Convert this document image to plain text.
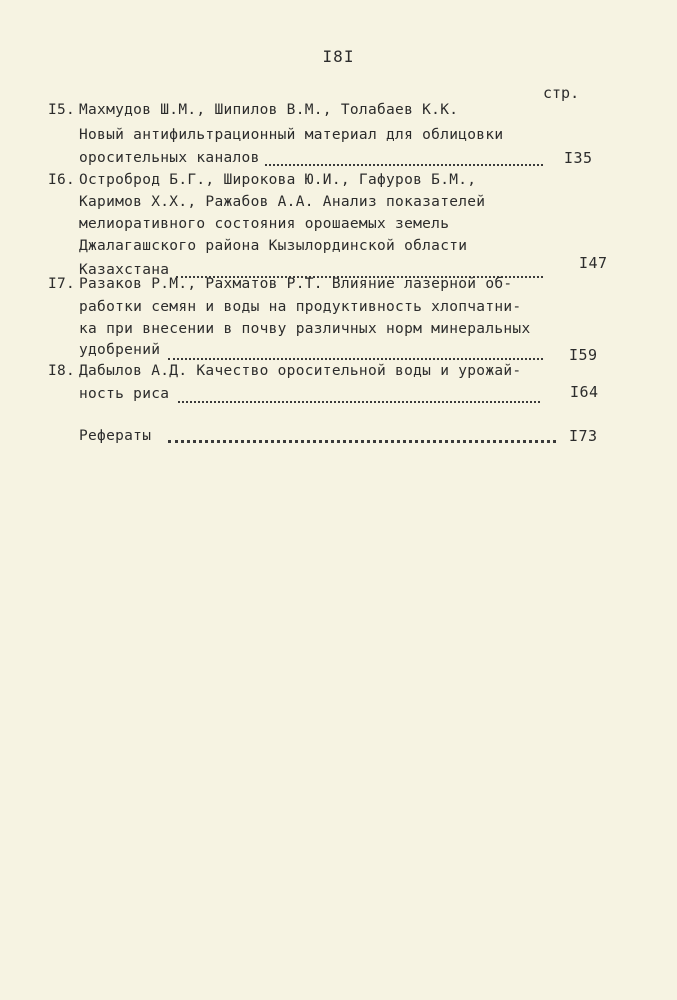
I8I
стр.
I5. Махмудов Ш.М., Шипилов В.М., Толабаев К.К.
Новый антифильтрационный материал для облицовки
оросительных каналов	I35
I6. Остроброд Б.Г., Широкова Ю.И., Гафуров Б.М.,
Каримов Х.Х., Ражабов А.А. Анализ показателей
мелиоративного состояния орошаемых земель
Джалагашского района Кызылординской области
Казахстана	I47
I7. Разаков Р.М., Рахматов Р.Т. Влияние лазерной об-
работки семян и воды на продуктивность хлопчатни-
ка при внесении в почву различных норм минеральных
удобрений	I59
I8. Дабылов А.Д. Качество оросительной воды и урожай-
ность риса	I64
Рефераты	I73
